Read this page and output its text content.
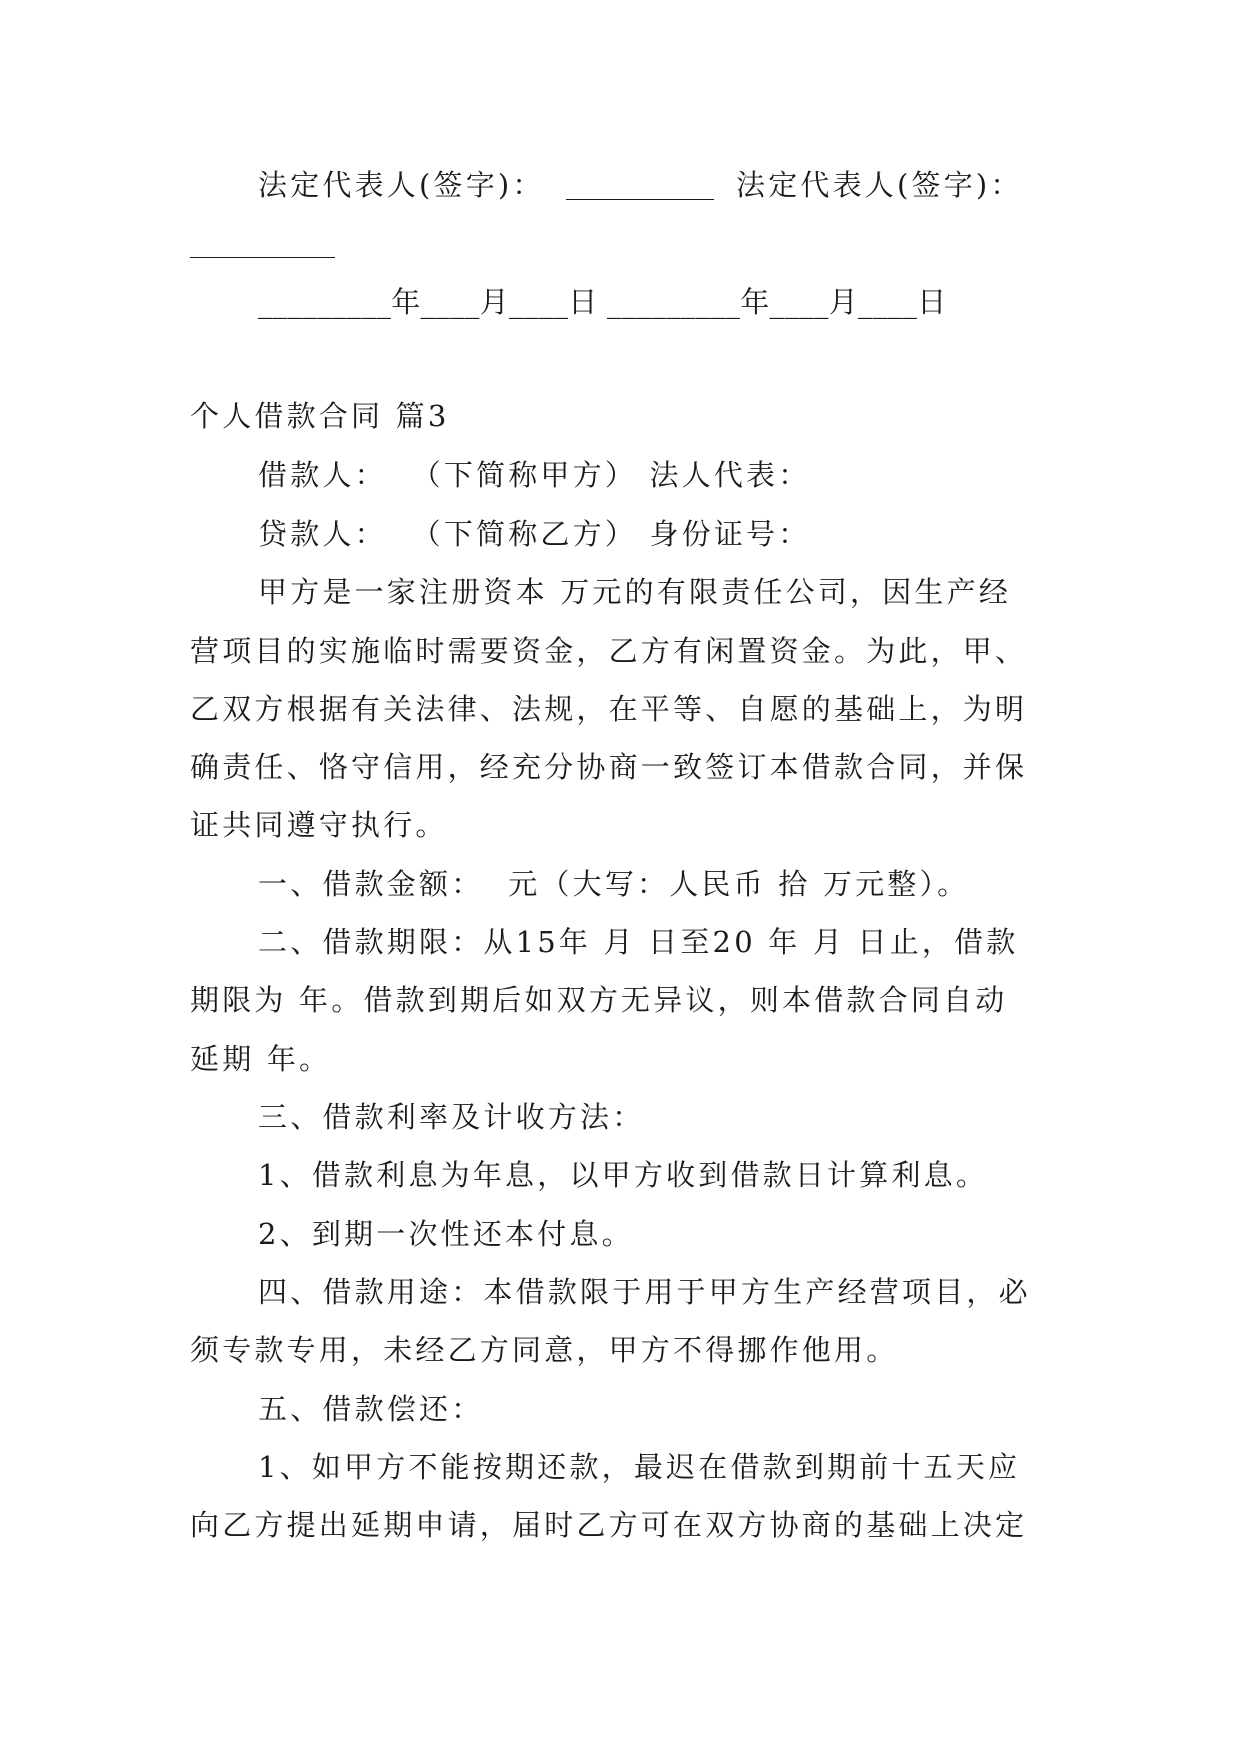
法定代表人(签字)：	法定代表人(签字)：
_________年____月____日 _________年____月____日
个人借款合同 篇3
借款人：  （下简称甲方） 法人代表：
贷款人：  （下简称乙方） 身份证号：
甲方是一家注册资本 万元的有限责任公司，因生产经
营项目的实施临时需要资金，乙方有闲置资金。为此，甲、
乙双方根据有关法律、法规，在平等、自愿的基础上，为明
确责任、恪守信用，经充分协商一致签订本借款合同，并保
证共同遵守执行。
一、借款金额：  元（大写：人民币 拾 万元整）。
二、借款期限：从15年 月 日至20 年 月 日止，借款
期限为 年。借款到期后如双方无异议，则本借款合同自动
延期 年。
三、借款利率及计收方法：
1、借款利息为年息，以甲方收到借款日计算利息。
2、到期一次性还本付息。
四、借款用途：本借款限于用于甲方生产经营项目，必
须专款专用，未经乙方同意，甲方不得挪作他用。
五、借款偿还：
1、如甲方不能按期还款，最迟在借款到期前十五天应
向乙方提出延期申请，届时乙方可在双方协商的基础上决定
